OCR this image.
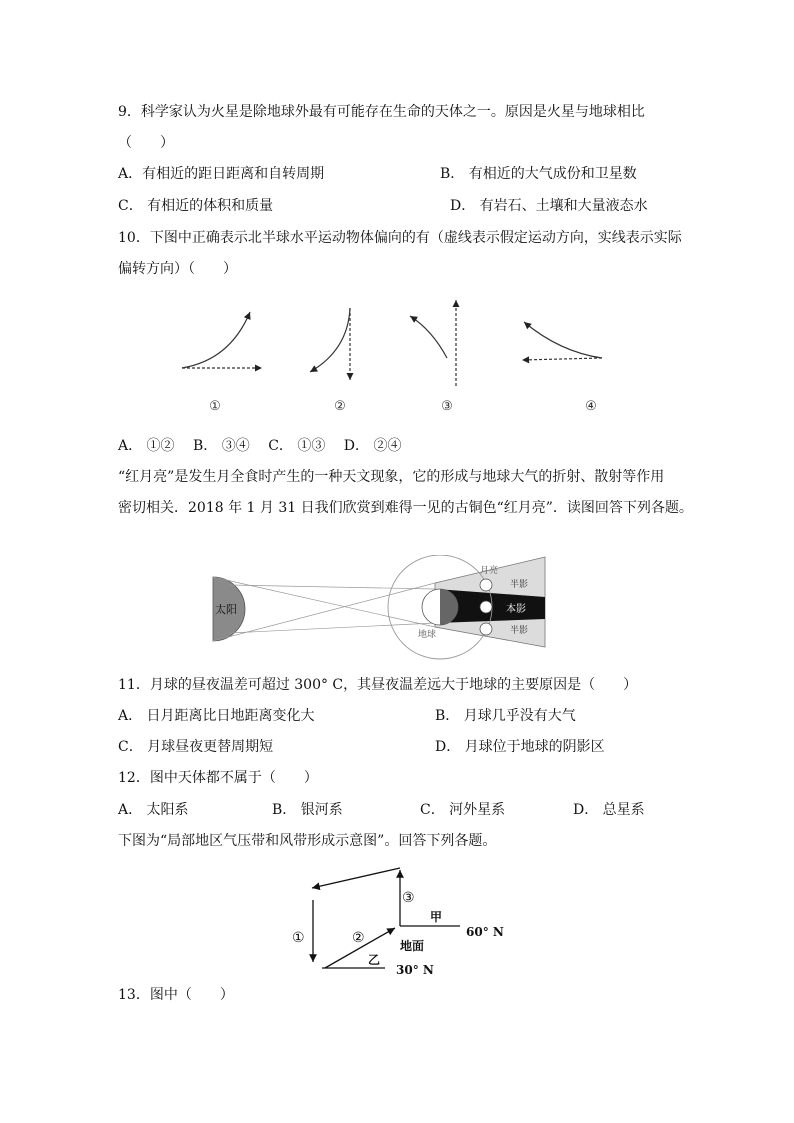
9．科学家认为火星是除地球外最有可能存在生命的天体之一。原因是火星与地球相比
（　　）
A．有相近的距日距离和自转周期	B． 有相近的大气成份和卫星数
C． 有相近的体积和质量	D． 有岩石、土壤和大量液态水
10．下图中正确表示北半球水平运动物体偏向的有（虚线表示假定运动方向，实线表示实际
偏转方向）（　　）
①	②	③	④
A． ①②　 B． ③④　 C． ①③　 D． ②④
“红月亮”是发生月全食时产生的一种天文现象，它的形成与地球大气的折射、散射等作用
密切相关．2018 年 1 月 31 日我们欣赏到难得一见的古铜色“红月亮”．读图回答下列各题。
太阳
月亮
半影
本影
半影
地球
11．月球的昼夜温差可超过 300° C，其昼夜温差远大于地球的主要原因是（　　）
A． 日月距离比日地距离变化大	B． 月球几乎没有大气
C． 月球昼夜更替周期短	D． 月球位于地球的阴影区
12．图中天体都不属于（　　）
A． 太阳系	B． 银河系	C． 河外星系	D． 总星系
下图为“局部地区气压带和风带形成示意图”。回答下列各题。
①	②
③
甲
60° N
地面
乙
30° N
13．图中（　　）
